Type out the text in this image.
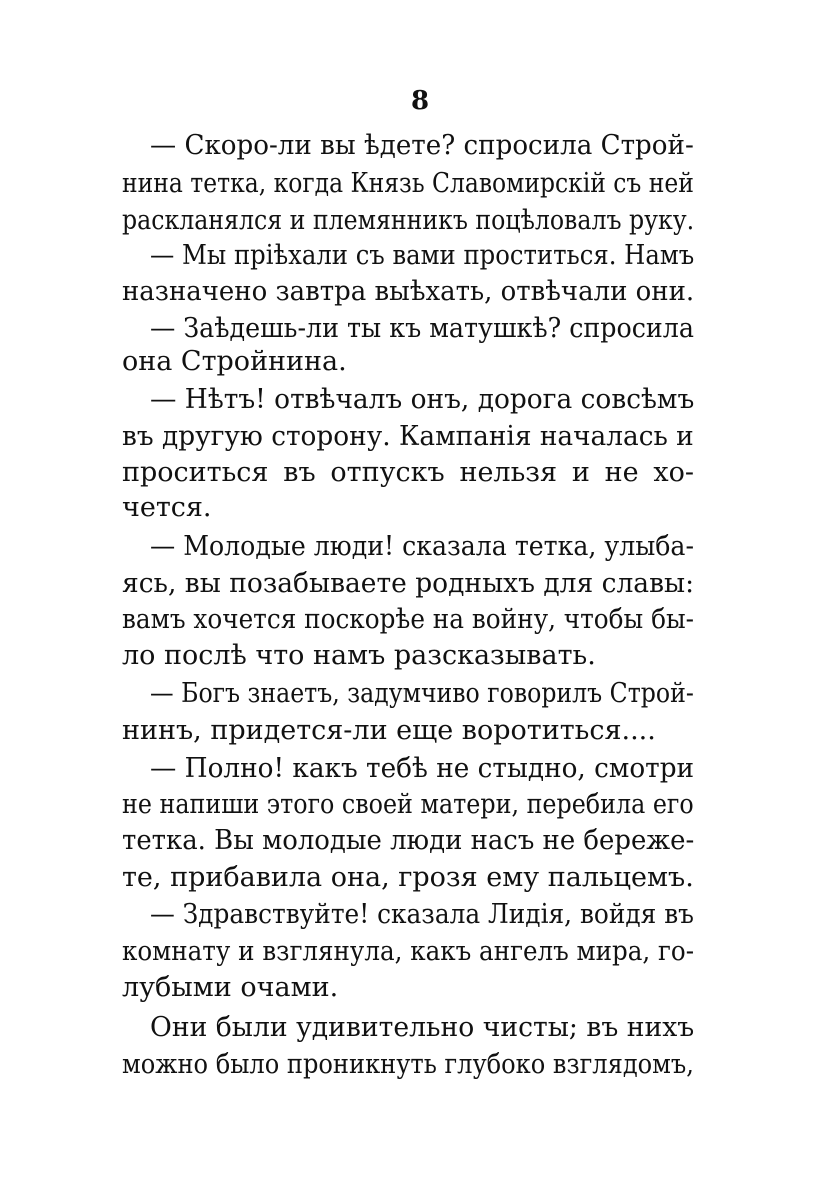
8
— Скоро-ли вы ѣдете? спросила Строй-
нина тетка, когда Князь Славомирскій съ ней
раскланялся и племянникъ поцѣловалъ руку.
— Мы пріѣхали съ вами проститься. Намъ
назначено завтра выѣхать, отвѣчали они.
— Заѣдешь-ли ты къ матушкѣ? спросила
она Стройнина.
— Нѣтъ! отвѣчалъ онъ, дорога совсѣмъ
въ другую сторону. Кампанія началась и
проситься въ отпускъ нельзя и не хо-
чется.
— Молодые люди! сказала тетка, улыба-
ясь, вы позабываете родныхъ для славы:
вамъ хочется поскорѣе на войну, чтобы бы-
ло послѣ что намъ разсказывать.
— Богъ знаетъ, задумчиво говорилъ Строй-
нинъ, придется-ли еще воротиться....
— Полно! какъ тебѣ не стыдно, смотри
не напиши этого своей матери, перебила его
тетка. Вы молодые люди насъ не береже-
те, прибавила она, грозя ему пальцемъ.
— Здравствуйте! сказала Лидія, войдя въ
комнату и взглянула, какъ ангелъ мира, го-
лубыми очами.
Они были удивительно чисты; въ нихъ
можно было проникнуть глубоко взглядомъ,
